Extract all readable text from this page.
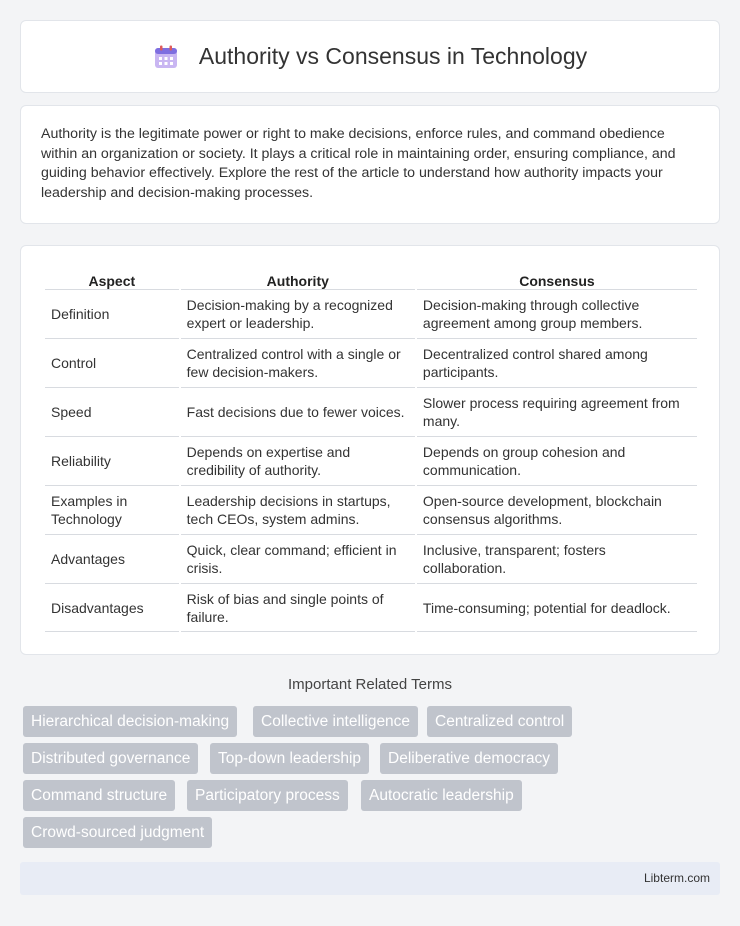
Authority vs Consensus in Technology

Authority is the legitimate power or right to make decisions, enforce rules, and command obedience within an organization or society. It plays a critical role in maintaining order, ensuring compliance, and guiding behavior effectively. Explore the rest of the article to understand how authority impacts your leadership and decision-making processes.

Aspect	Authority	Consensus
Definition	Decision-making by a recognized expert or leadership.	Decision-making through collective agreement among group members.
Control	Centralized control with a single or few decision-makers.	Decentralized control shared among participants.
Speed	Fast decisions due to fewer voices.	Slower process requiring agreement from many.
Reliability	Depends on expertise and credibility of authority.	Depends on group cohesion and communication.
Examples in Technology	Leadership decisions in startups, tech CEOs, system admins.	Open-source development, blockchain consensus algorithms.
Advantages	Quick, clear command; efficient in crisis.	Inclusive, transparent; fosters collaboration.
Disadvantages	Risk of bias and single points of failure.	Time-consuming; potential for deadlock.
Important Related Terms
Hierarchical decision-making	Collective intelligence	Centralized control
Distributed governance	Top-down leadership	Deliberative democracy
Command structure	Participatory process	Autocratic leadership
Crowd-sourced judgment
Libterm.com
